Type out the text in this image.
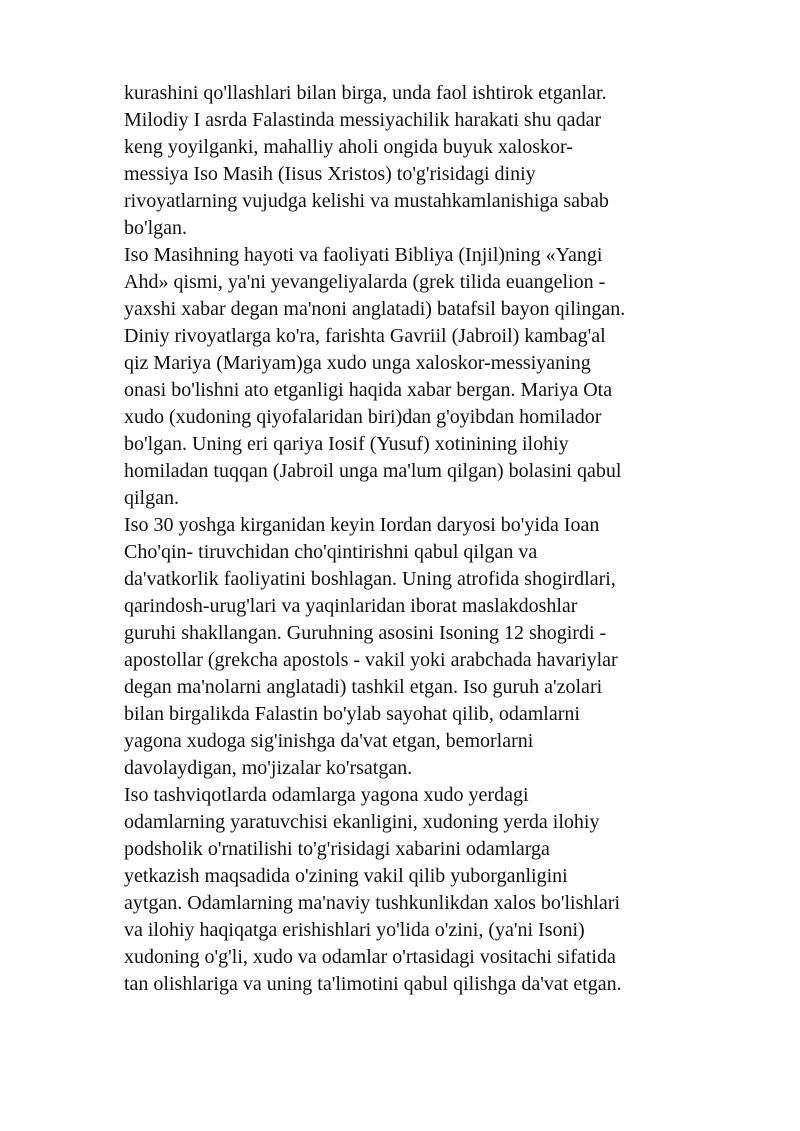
kurashini qo'llashlari bilan birga, unda faol ishtirok etganlar.
Milodiy I asrda Falastinda messiyachilik harakati shu qadar
keng yoyilganki, mahalliy aholi ongida buyuk xaloskor-
messiya Iso Masih (Iisus Xristos) to'g'risidagi diniy
rivoyatlarning vujudga kelishi va mustahkamlanishiga sabab
bo'lgan.
Iso Masihning hayoti va faoliyati Bibliya (Injil)ning «Yangi
Ahd» qismi, ya'ni yevangeliyalarda (grek tilida euangelion -
yaxshi xabar degan ma'noni anglatadi) batafsil bayon qilingan.
Diniy rivoyatlarga ko'ra, farishta Gavriil (Jabroil) kambag'al
qiz Mariya (Mariyam)ga xudo unga xaloskor-messiyaning
onasi bo'lishni ato etganligi haqida xabar bergan. Mariya Ota
xudo (xudoning qiyofalaridan biri)dan g'oyibdan homilador
bo'lgan. Uning eri qariya Iosif (Yusuf) xotinining ilohiy
homiladan tuqqan (Jabroil unga ma'lum qilgan) bolasini qabul
qilgan.
Iso 30 yoshga kirganidan keyin Iordan daryosi bo'yida Ioan
Cho'qin- tiruvchidan cho'qintirishni qabul qilgan va
da'vatkorlik faoliyatini boshlagan. Uning atrofida shogirdlari,
qarindosh-urug'lari va yaqinlaridan iborat maslakdoshlar
guruhi shakllangan. Guruhning asosini Isoning 12 shogirdi -
apostollar (grekcha apostols - vakil yoki arabchada havariylar
degan ma'nolarni anglatadi) tashkil etgan. Iso guruh a'zolari
bilan birgalikda Falastin bo'ylab sayohat qilib, odamlarni
yagona xudoga sig'inishga da'vat etgan, bemorlarni
davolaydigan, mo'jizalar ko'rsatgan.
Iso tashviqotlarda odamlarga yagona xudo yerdagi
odamlarning yaratuvchisi ekanligini, xudoning yerda ilohiy
podsholik o'rnatilishi to'g'risidagi xabarini odamlarga
yetkazish maqsadida o'zining vakil qilib yuborganligini
aytgan. Odamlarning ma'naviy tushkunlikdan xalos bo'lishlari
va ilohiy haqiqatga erishishlari yo'lida o'zini, (ya'ni Isoni)
xudoning o'g'li, xudo va odamlar o'rtasidagi vositachi sifatida
tan olishlariga va uning ta'limotini qabul qilishga da'vat etgan.
